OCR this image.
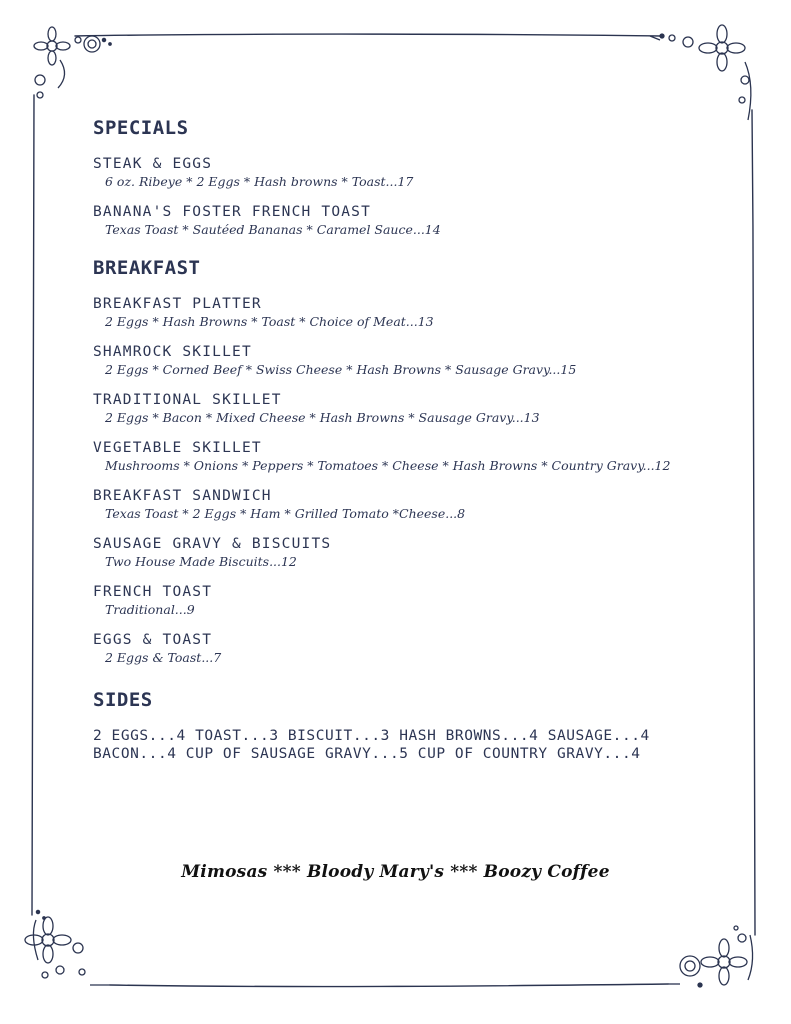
SPECIALS
STEAK & EGGS
6 oz. Ribeye * 2 Eggs * Hash browns * Toast...17
BANANA'S FOSTER FRENCH TOAST
Texas Toast * Sautéed Bananas * Caramel Sauce...14
BREAKFAST
BREAKFAST PLATTER
2 Eggs * Hash Browns * Toast * Choice of Meat...13
SHAMROCK SKILLET
2 Eggs * Corned Beef * Swiss Cheese * Hash Browns * Sausage Gravy...15
TRADITIONAL SKILLET
2 Eggs * Bacon * Mixed Cheese * Hash Browns * Sausage Gravy...13
VEGETABLE SKILLET
Mushrooms * Onions * Peppers * Tomatoes * Cheese * Hash Browns * Country Gravy...12
BREAKFAST SANDWICH
Texas Toast * 2 Eggs * Ham * Grilled Tomato *Cheese...8
SAUSAGE GRAVY & BISCUITS
Two House Made Biscuits...12
FRENCH TOAST
Traditional...9
EGGS & TOAST
2 Eggs & Toast...7
SIDES
2 EGGS...4 TOAST...3 BISCUIT...3 HASH BROWNS...4 SAUSAGE...4
BACON...4 CUP OF SAUSAGE GRAVY...5 CUP OF COUNTRY GRAVY...4
Mimosas *** Bloody Mary's *** Boozy Coffee
